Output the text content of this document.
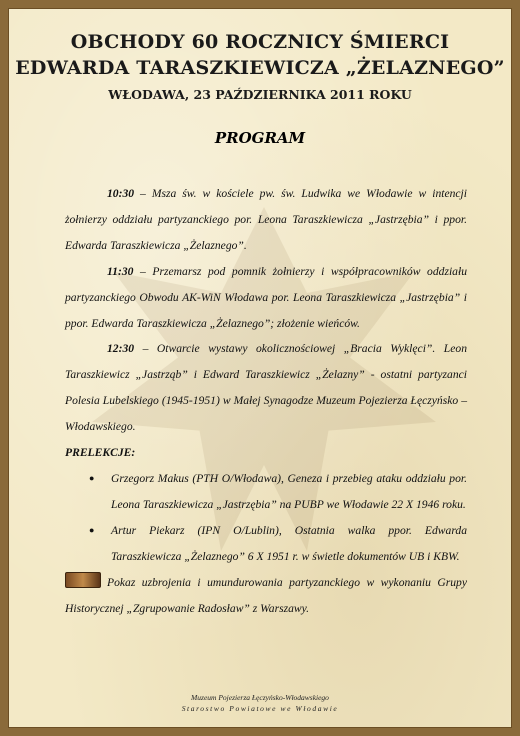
OBCHODY 60 ROCZNICY ŚMIERCI
EDWARDA TARASZKIEWICZA „ŻELAZNEGO”
WŁODAWA, 23 PAŹDZIERNIKA 2011 ROKU
PROGRAM

10:30 – Msza św. w kościele pw. św. Ludwika we Włodawie w intencji żołnierzy oddziału partyzanckiego por. Leona Taraszkiewicza „Jastrzębia” i ppor. Edwarda Taraszkiewicza „Żelaznego”.

11:30 – Przemarsz pod pomnik żołnierzy i współpracowników oddziału partyzanckiego Obwodu AK-WiN Włodawa por. Leona Taraszkiewicza „Jastrzębia” i ppor. Edwarda Taraszkiewicza „Żelaznego”; złożenie wieńców.

12:30 – Otwarcie wystawy okolicznościowej „Bracia Wyklęci”. Leon Taraszkiewicz „Jastrząb” i Edward Taraszkiewicz „Żelazny” - ostatni partyzanci Polesia Lubelskiego (1945-1951) w Małej Synagodze Muzeum Pojezierza Łęczyńsko – Włodawskiego.

PRELEKCJE:

● Grzegorz Makus (PTH O/Włodawa), Geneza i przebieg ataku oddziału por. Leona Taraszkiewicza „Jastrzębia” na PUBP we Włodawie 22 X 1946 roku.
● Artur Piekarz (IPN O/Lublin), Ostatnia walka ppor. Edwarda Taraszkiewicza „Żelaznego” 6 X 1951 r. w świetle dokumentów UB i KBW.

Pokaz uzbrojenia i umundurowania partyzanckiego w wykonaniu Grupy Historycznej „Zgrupowanie Radosław” z Warszawy.

Muzeum Pojezierza Łęczyńsko-Włodawskiego
Starostwo Powiatowe we Włodawie
